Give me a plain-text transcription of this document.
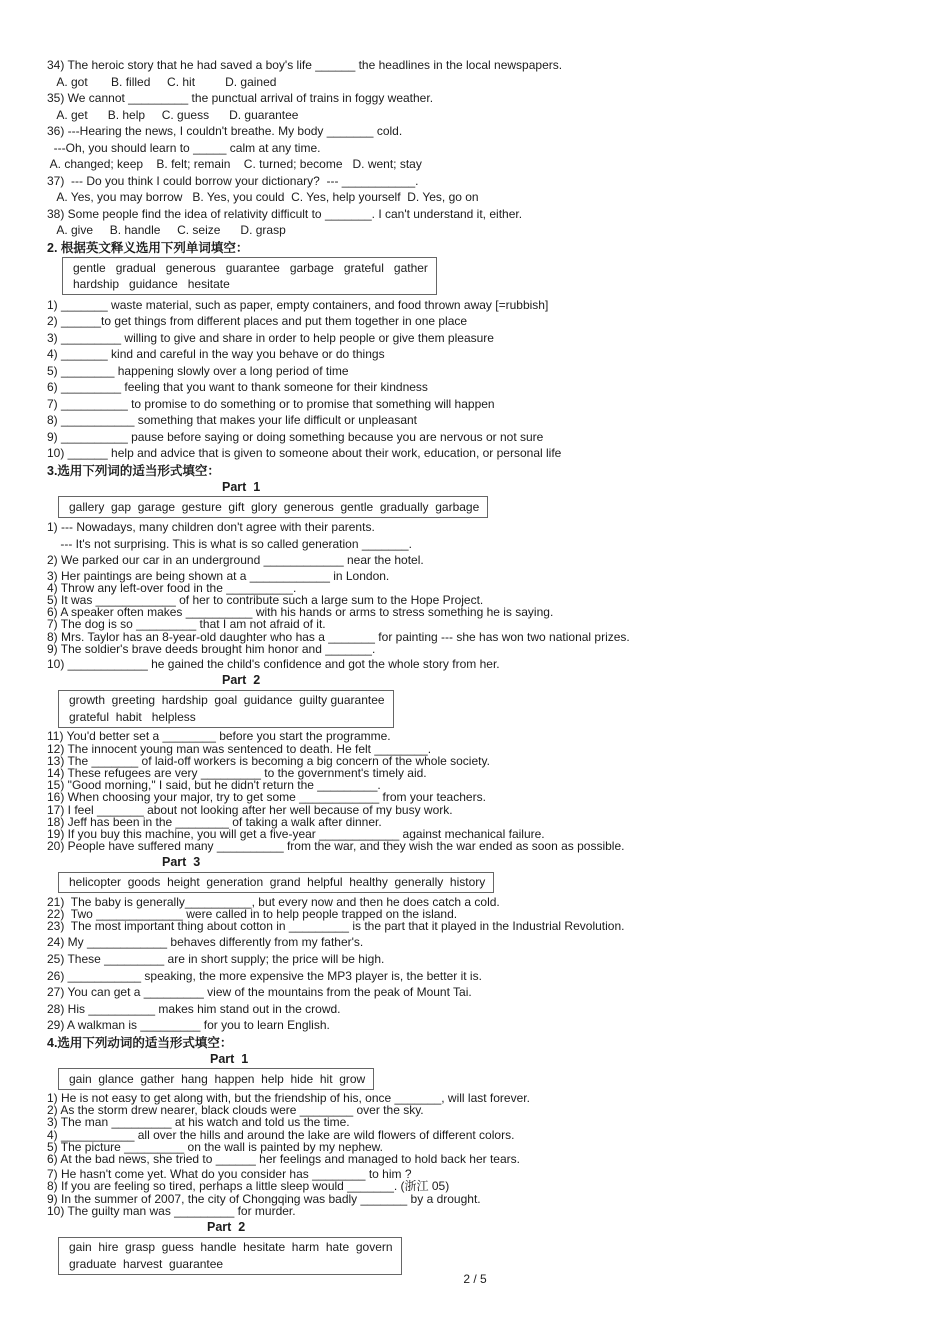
34) The heroic story that he had saved a boy's life ______ the headlines in the local newspapers.
A. got       B. filled     C. hit         D. gained
35) We cannot _________ the punctual arrival of trains in foggy weather.
A. get      B. help     C. guess      D. guarantee
36) ---Hearing the news, I couldn't breathe. My body _______ cold.
---Oh, you should learn to _____ calm at any time.
A. changed; keep    B. felt; remain    C. turned; become   D. went; stay
37)  --- Do you think I could borrow your dictionary?  --- ___________.
A. Yes, you may borrow   B. Yes, you could  C. Yes, help yourself  D. Yes, go on
38) Some people find the idea of relativity difficult to _______. I can't understand it, either.
A. give     B. handle     C. seize      D. grasp
2. 根据英文释义选用下列单词填空：
gentle   gradual   generous   guarantee   garbage   grateful   gather
hardship   guidance   hesitate
1) _______ waste material, such as paper, empty containers, and food thrown away [=rubbish]
2) ______to get things from different places and put them together in one place
3) _________ willing to give and share in order to help people or give them pleasure
4) _______ kind and careful in the way you behave or do things
5) ________ happening slowly over a long period of time
6) _________ feeling that you want to thank someone for their kindness
7) __________ to promise to do something or to promise that something will happen
8) ___________ something that makes your life difficult or unpleasant
9) __________ pause before saying or doing something because you are nervous or not sure
10) ______ help and advice that is given to someone about their work, education, or personal life
3.选用下列词的适当形式填空：
Part  1
gallery  gap  garage  gesture  gift  glory  generous  gentle  gradually  garbage
1) --- Nowadays, many children don't agree with their parents.
--- It's not surprising. This is what is so called generation _______.
2) We parked our car in an underground ____________ near the hotel.
3) Her paintings are being shown at a ____________ in London.
4) Throw any left-over food in the __________.
5) It was ____________ of her to contribute such a large sum to the Hope Project.
6) A speaker often makes __________ with his hands or arms to stress something he is saying.
7) The dog is so _________ that I am not afraid of it.
8) Mrs. Taylor has an 8-year-old daughter who has a _______ for painting --- she has won two national prizes.
9) The soldier's brave deeds brought him honor and _______.
10) ____________ he gained the child's confidence and got the whole story from her.
Part  2
growth  greeting  hardship  goal  guidance  guilty guarantee
grateful  habit   helpless
11) You'd better set a ________ before you start the programme.
12) The innocent young man was sentenced to death. He felt ________.
13) The _______ of laid-off workers is becoming a big concern of the whole society.
14) These refugees are very _________ to the government's timely aid.
15) "Good morning," I said, but he didn't return the _________.
16) When choosing your major, try to get some ____________ from your teachers.
17) I feel _______ about not looking after her well because of my busy work.
18) Jeff has been in the ________ of taking a walk after dinner.
19) If you buy this machine, you will get a five-year ____________ against mechanical failure.
20) People have suffered many __________ from the war, and they wish the war ended as soon as possible.
Part  3
helicopter  goods  height  generation  grand  helpful  healthy  generally  history
21)  The baby is generally__________, but every now and then he does catch a cold.
22)  Two _____________ were called in to help people trapped on the island.
23)  The most important thing about cotton in _________ is the part that it played in the Industrial Revolution.
24) My ____________ behaves differently from my father's.
25) These _________ are in short supply; the price will be high.
26) ___________ speaking, the more expensive the MP3 player is, the better it is.
27) You can get a _________ view of the mountains from the peak of Mount Tai.
28) His __________ makes him stand out in the crowd.
29) A walkman is _________ for you to learn English.
4.选用下列动词的适当形式填空：
Part  1
gain  glance  gather  hang  happen  help  hide  hit  grow
1) He is not easy to get along with, but the friendship of his, once _______, will last forever.
2) As the storm drew nearer, black clouds were ________ over the sky.
3) The man _________ at his watch and told us the time.
4) ___________ all over the hills and around the lake are wild flowers of different colors.
5) The picture _________ on the wall is painted by my nephew.
6) At the bad news, she tried to ______ her feelings and managed to hold back her tears.
7) He hasn't come yet. What do you consider has ________ to him ?
8) If you are feeling so tired, perhaps a little sleep would _______. (浙江 05)
9) In the summer of 2007, the city of Chongqing was badly _______ by a drought.
10) The guilty man was _________ for murder.
Part  2
gain  hire  grasp  guess  handle  hesitate  harm  hate  govern
graduate  harvest  guarantee
2 / 5
